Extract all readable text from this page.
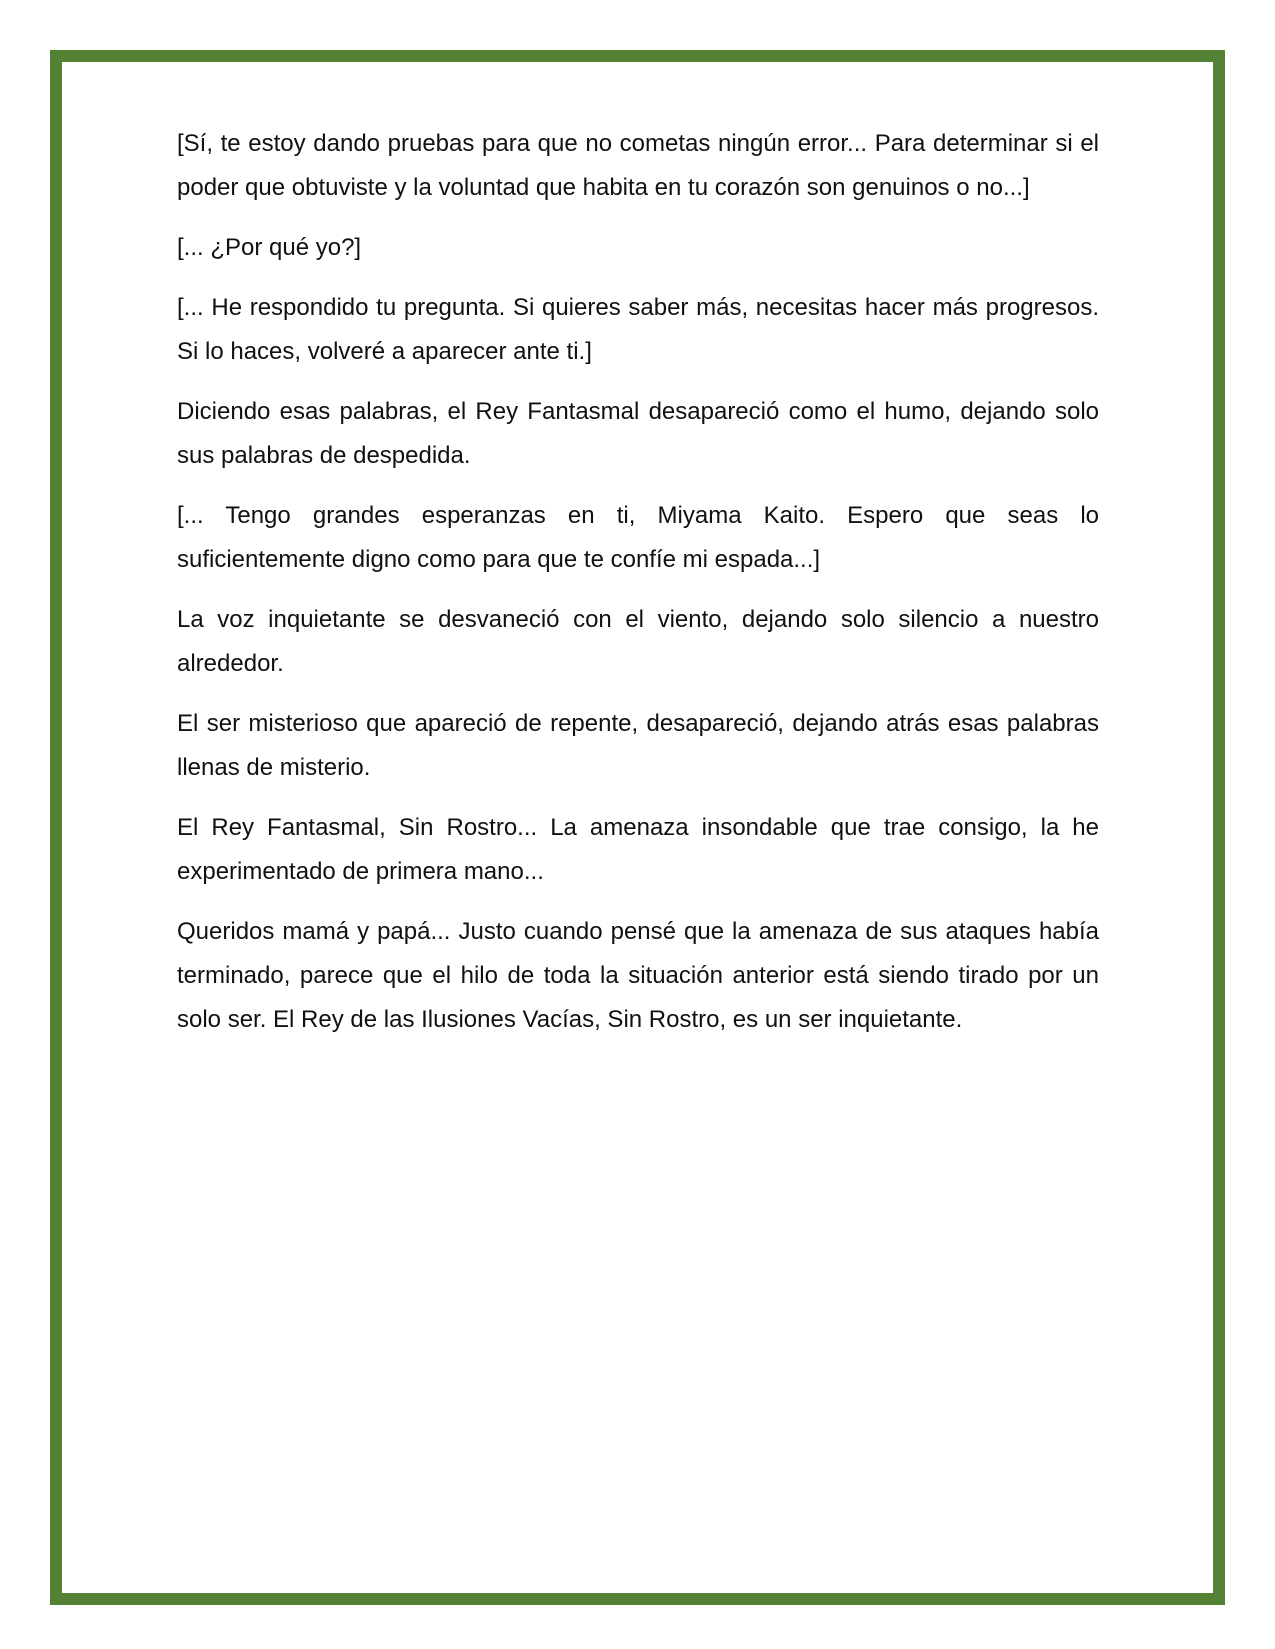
[Sí, te estoy dando pruebas para que no cometas ningún error... Para determinar si el poder que obtuviste y la voluntad que habita en tu corazón son genuinos o no...]

[... ¿Por qué yo?]

[... He respondido tu pregunta. Si quieres saber más, necesitas hacer más progresos. Si lo haces, volveré a aparecer ante ti.]

Diciendo esas palabras, el Rey Fantasmal desapareció como el humo, dejando solo sus palabras de despedida.

[... Tengo grandes esperanzas en ti, Miyama Kaito. Espero que seas lo suficientemente digno como para que te confíe mi espada...]

La voz inquietante se desvaneció con el viento, dejando solo silencio a nuestro alrededor.

El ser misterioso que apareció de repente, desapareció, dejando atrás esas palabras llenas de misterio.

El Rey Fantasmal, Sin Rostro... La amenaza insondable que trae consigo, la he experimentado de primera mano...

Queridos mamá y papá... Justo cuando pensé que la amenaza de sus ataques había terminado, parece que el hilo de toda la situación anterior está siendo tirado por un solo ser. El Rey de las Ilusiones Vacías, Sin Rostro, es un ser inquietante.
